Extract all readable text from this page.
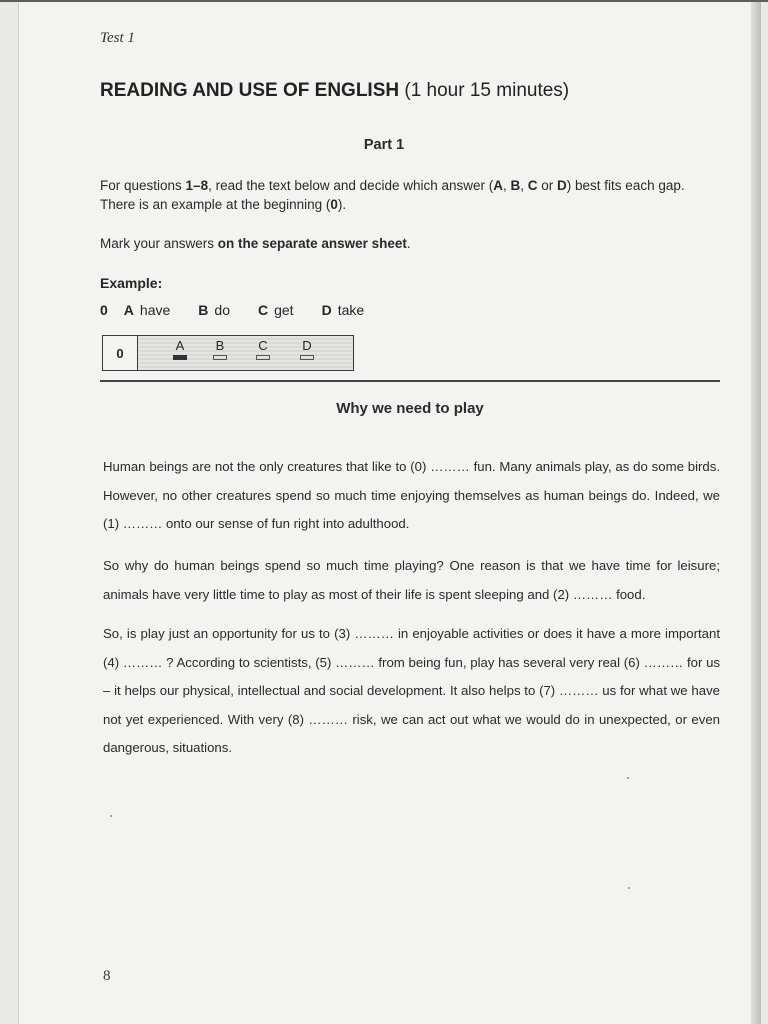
Test 1
READING AND USE OF ENGLISH (1 hour 15 minutes)
Part 1
For questions 1–8, read the text below and decide which answer (A, B, C or D) best fits each gap.
There is an example at the beginning (0).
Mark your answers on the separate answer sheet.
Example:
0 A have B do C get D take
0	A	B	C	D
Why we need to play
Human beings are not the only creatures that like to (0) ……… fun. Many animals play, as do some birds. However, no other creatures spend so much time enjoying themselves as human beings do. Indeed, we (1) ……… onto our sense of fun right into adulthood.
So why do human beings spend so much time playing? One reason is that we have time for leisure; animals have very little time to play as most of their life is spent sleeping and (2) ……… food.
So, is play just an opportunity for us to (3) ……… in enjoyable activities or does it have a more important (4) ……… ? According to scientists, (5) ……… from being fun, play has several very real (6) ……… for us – it helps our physical, intellectual and social development. It also helps to (7) ……… us for what we have not yet experienced. With very (8) ……… risk, we can act out what we would do in unexpected, or even dangerous, situations.
8
